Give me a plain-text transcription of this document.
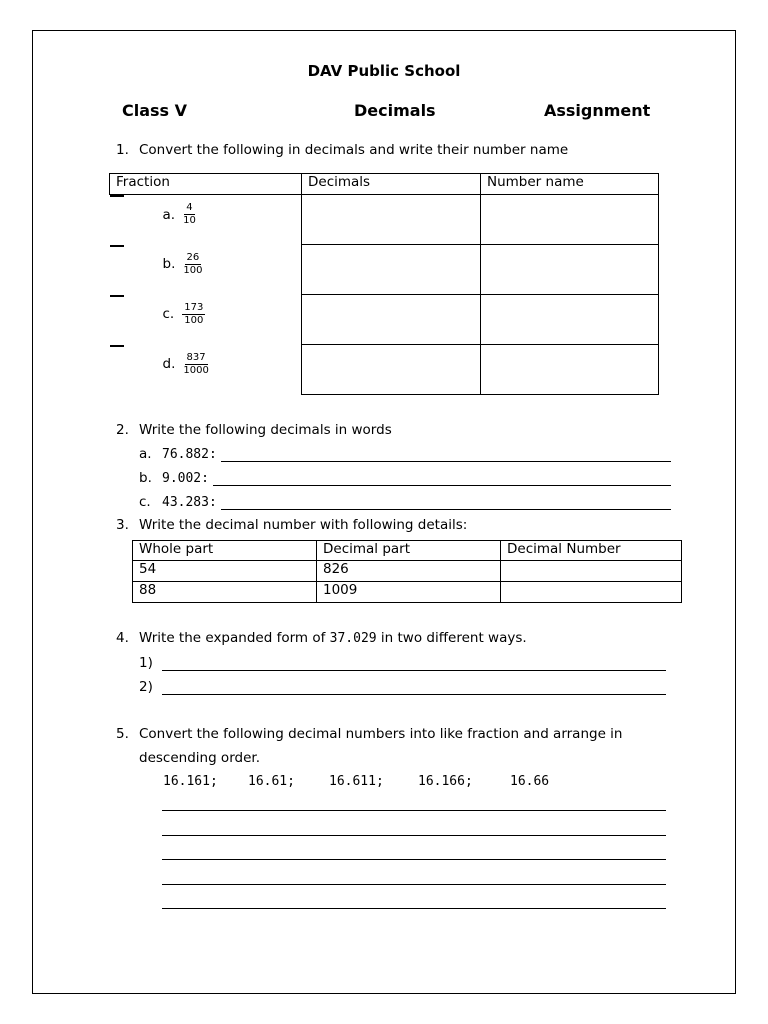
DAV Public School
Class V	Decimals	Assignment
1. Convert the following in decimals and write their number name
Fraction	Decimals	Number name

a. $\frac{4}{10}$

b. $\frac{26}{100}$

c. $\frac{173}{100}$

d. $\frac{837}{1000}$

2. Write the following decimals in words
a. 76.882:
b. 9.002:
c. 43.283:
3. Write the decimal number with following details:
Whole part	Decimal part	Decimal Number
54	826	
88	1009	
4. Write the expanded form of 37.029 in two different ways.
1)
2)
5. Convert the following decimal numbers into like fraction and arrange in
descending order.
16.161; 16.61;	16.611;	16.166;	16.66
